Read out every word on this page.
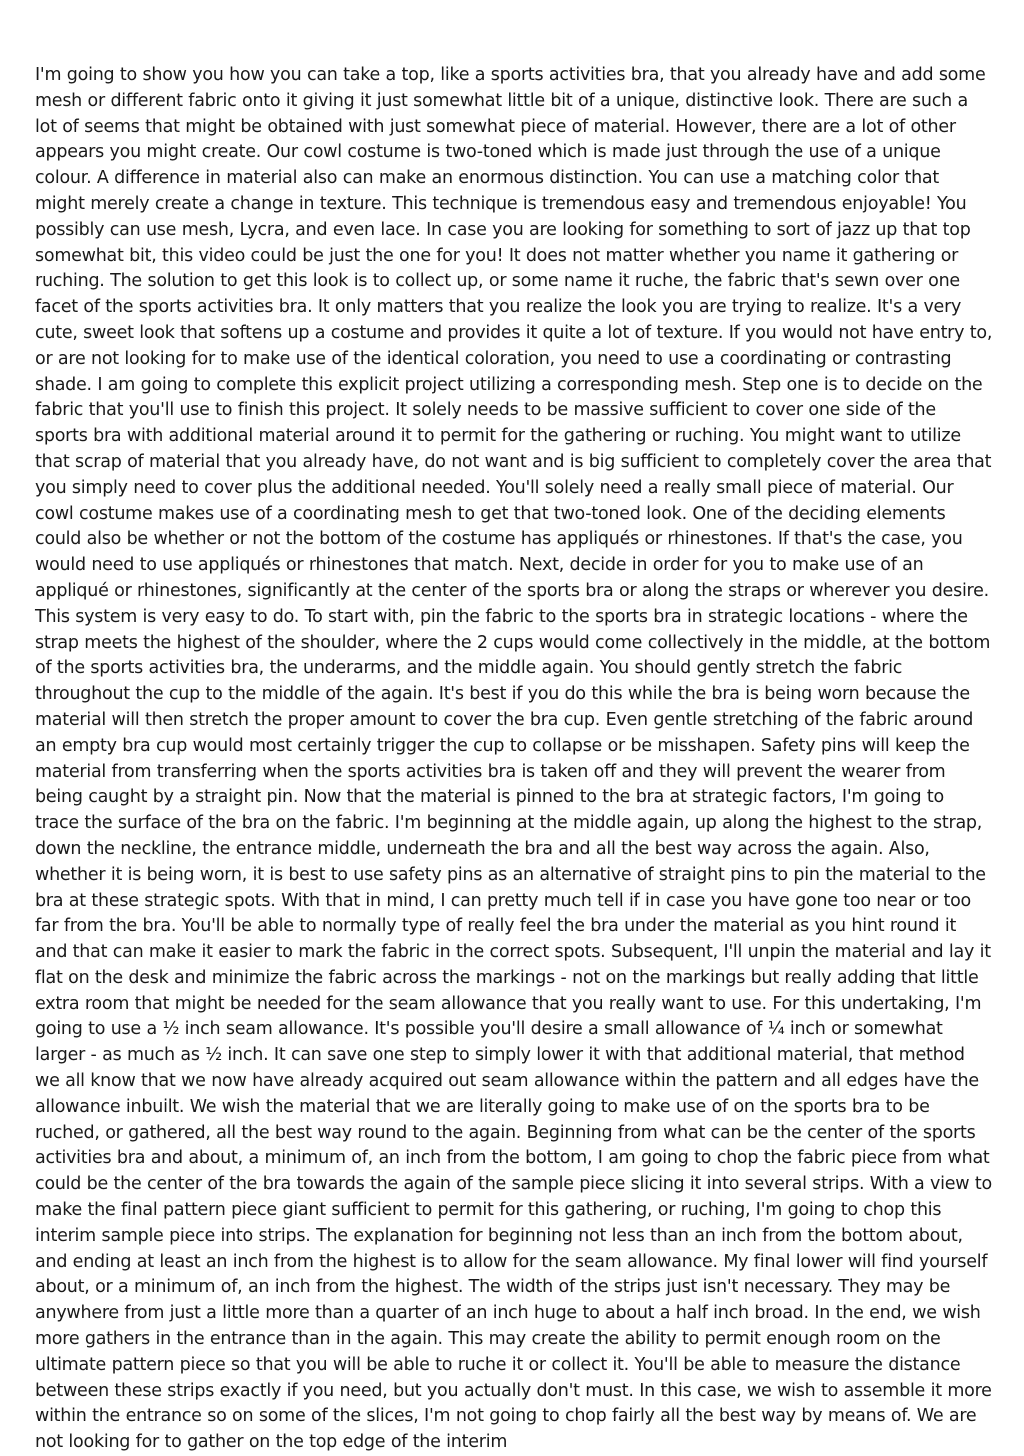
I'm going to show you how you can take a top, like a sports activities bra, that you already have and add some mesh or different fabric onto it giving it just somewhat little bit of a unique, distinctive look. There are such a lot of seems that might be obtained with just somewhat piece of material. However, there are a lot of other appears you might create. Our cowl costume is two-toned which is made just through the use of a unique colour. A difference in material also can make an enormous distinction. You can use a matching color that might merely create a change in texture. This technique is tremendous easy and tremendous enjoyable! You possibly can use mesh, Lycra, and even lace. In case you are looking for something to sort of jazz up that top somewhat bit, this video could be just the one for you! It does not matter whether you name it gathering or ruching. The solution to get this look is to collect up, or some name it ruche, the fabric that's sewn over one facet of the sports activities bra. It only matters that you realize the look you are trying to realize. It's a very cute, sweet look that softens up a costume and provides it quite a lot of texture. If you would not have entry to, or are not looking for to make use of the identical coloration, you need to use a coordinating or contrasting shade. I am going to complete this explicit project utilizing a corresponding mesh. Step one is to decide on the fabric that you'll use to finish this project. It solely needs to be massive sufficient to cover one side of the sports bra with additional material around it to permit for the gathering or ruching. You might want to utilize that scrap of material that you already have, do not want and is big sufficient to completely cover the area that you simply need to cover plus the additional needed. You'll solely need a really small piece of material. Our cowl costume makes use of a coordinating mesh to get that two-toned look. One of the deciding elements could also be whether or not the bottom of the costume has appliqués or rhinestones. If that's the case, you would need to use appliqués or rhinestones that match. Next, decide in order for you to make use of an appliqué or rhinestones, significantly at the center of the sports bra or along the straps or wherever you desire. This system is very easy to do. To start with, pin the fabric to the sports bra in strategic locations - where the strap meets the highest of the shoulder, where the 2 cups would come collectively in the middle, at the bottom of the sports activities bra, the underarms, and the middle again. You should gently stretch the fabric throughout the cup to the middle of the again. It's best if you do this while the bra is being worn because the material will then stretch the proper amount to cover the bra cup. Even gentle stretching of the fabric around an empty bra cup would most certainly trigger the cup to collapse or be misshapen. Safety pins will keep the material from transferring when the sports activities bra is taken off and they will prevent the wearer from being caught by a straight pin. Now that the material is pinned to the bra at strategic factors, I'm going to trace the surface of the bra on the fabric. I'm beginning at the middle again, up along the highest to the strap, down the neckline, the entrance middle, underneath the bra and all the best way across the again. Also, whether it is being worn, it is best to use safety pins as an alternative of straight pins to pin the material to the bra at these strategic spots. With that in mind, I can pretty much tell if in case you have gone too near or too far from the bra. You'll be able to normally type of really feel the bra under the material as you hint round it and that can make it easier to mark the fabric in the correct spots. Subsequent, I'll unpin the material and lay it flat on the desk and minimize the fabric across the markings - not on the markings but really adding that little extra room that might be needed for the seam allowance that you really want to use. For this undertaking, I'm going to use a ½ inch seam allowance. It's possible you'll desire a small allowance of ¼ inch or somewhat larger - as much as ½ inch. It can save one step to simply lower it with that additional material, that method we all know that we now have already acquired out seam allowance within the pattern and all edges have the allowance inbuilt. We wish the material that we are literally going to make use of on the sports bra to be ruched, or gathered, all the best way round to the again. Beginning from what can be the center of the sports activities bra and about, a minimum of, an inch from the bottom, I am going to chop the fabric piece from what could be the center of the bra towards the again of the sample piece slicing it into several strips. With a view to make the final pattern piece giant sufficient to permit for this gathering, or ruching, I'm going to chop this interim sample piece into strips. The explanation for beginning not less than an inch from the bottom about, and ending at least an inch from the highest is to allow for the seam allowance. My final lower will find yourself about, or a minimum of, an inch from the highest. The width of the strips just isn't necessary. They may be anywhere from just a little more than a quarter of an inch huge to about a half inch broad. In the end, we wish more gathers in the entrance than in the again. This may create the ability to permit enough room on the ultimate pattern piece so that you will be able to ruche it or collect it. You'll be able to measure the distance between these strips exactly if you need, but you actually don't must. In this case, we wish to assemble it more within the entrance so on some of the slices, I'm not going to chop fairly all the best way by means of. We are not looking for to gather on the top edge of the interim
